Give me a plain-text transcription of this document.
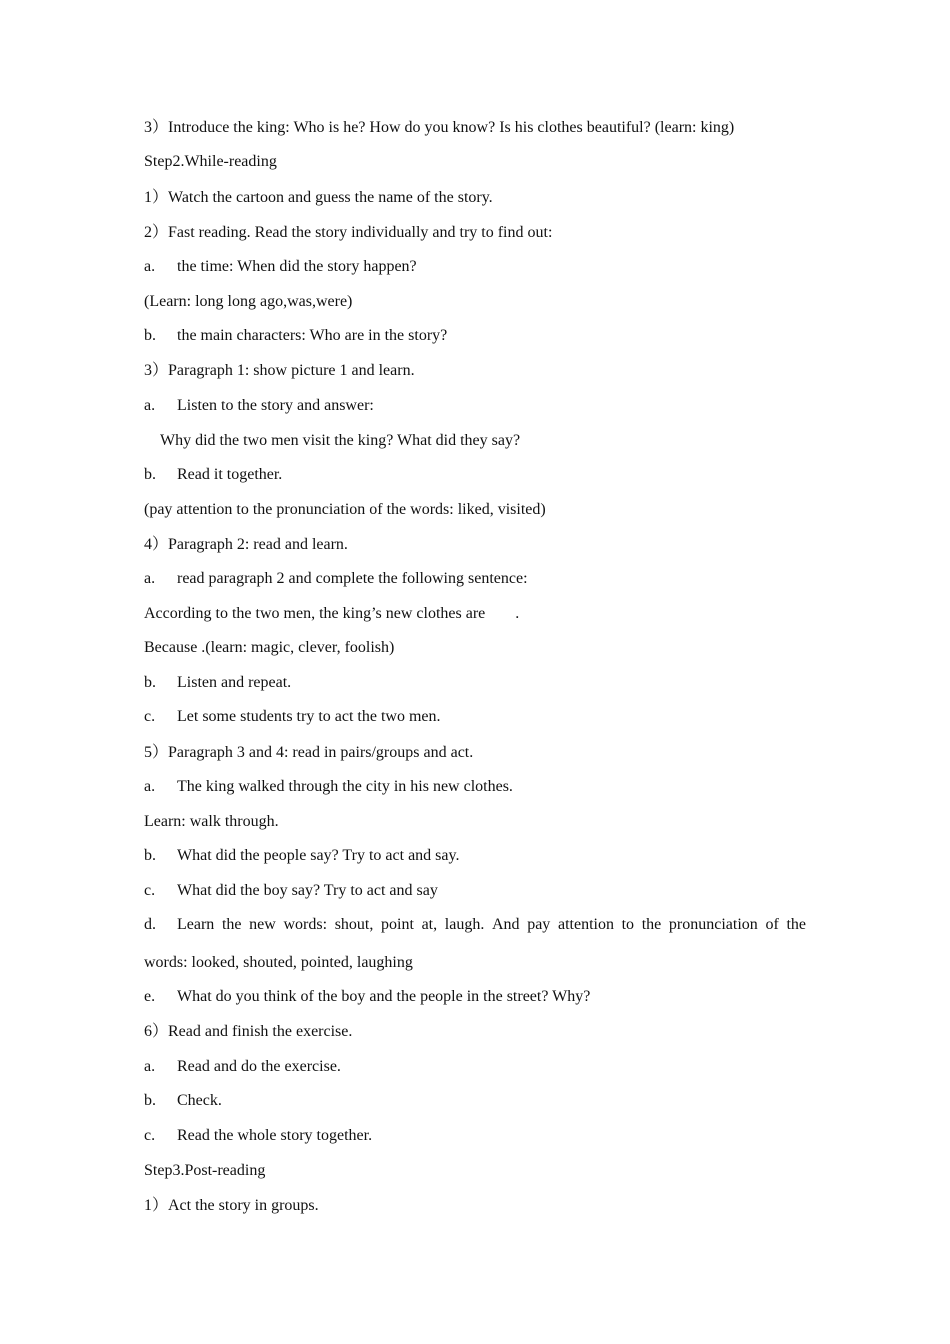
3）Introduce the king: Who is he? How do you know? Is his clothes beautiful? (learn: king)
Step2.While-reading
1）Watch the cartoon and guess the name of the story.
2）Fast reading. Read the story individually and try to find out:
a. the time: When did the story happen?
(Learn: long long ago,was,were)
b. the main characters: Who are in the story?
3）Paragraph 1: show picture 1 and learn.
a. Listen to the story and answer:
Why did the two men visit the king? What did they say?
b. Read it together.
(pay attention to the pronunciation of the words: liked, visited)
4）Paragraph 2: read and learn.
a. read paragraph 2 and complete the following sentence:
According to the two men, the king’s new clothes are .
Because .(learn: magic, clever, foolish)
b. Listen and repeat.
c. Let some students try to act the two men.
5）Paragraph 3 and 4: read in pairs/groups and act.
a. The king walked through the city in his new clothes.
Learn: walk through.
b. What did the people say? Try to act and say.
c. What did the boy say? Try to act and say
d.	Learn the new words: shout, point at, laugh. And pay attention to the pronunciation of the
words: looked, shouted, pointed, laughing
e. What do you think of the boy and the people in the street? Why?
6）Read and finish the exercise.
a. Read and do the exercise.
b. Check.
c. Read the whole story together.
Step3.Post-reading
1）Act the story in groups.
